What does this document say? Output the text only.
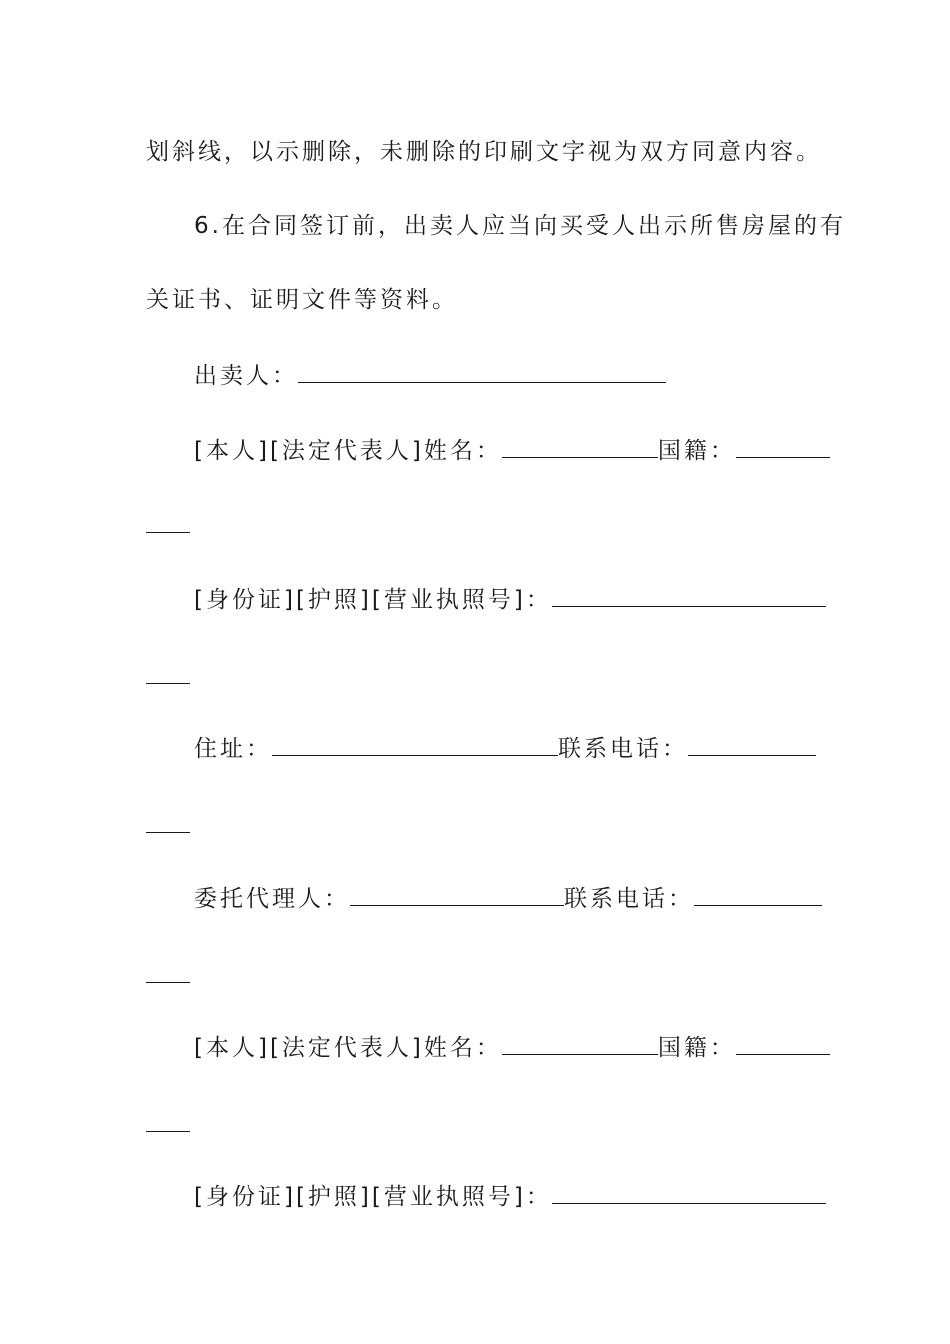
划斜线，以示删除，未删除的印刷文字视为双方同意内容。
6.在合同签订前，出卖人应当向买受人出示所售房屋的有
关证书、证明文件等资料。
出卖人：
[本人][法定代表人]姓名：	国籍：
[身份证][护照][营业执照号]：
住址：	联系电话：
委托代理人：	联系电话：
[本人][法定代表人]姓名：	国籍：
[身份证][护照][营业执照号]：
